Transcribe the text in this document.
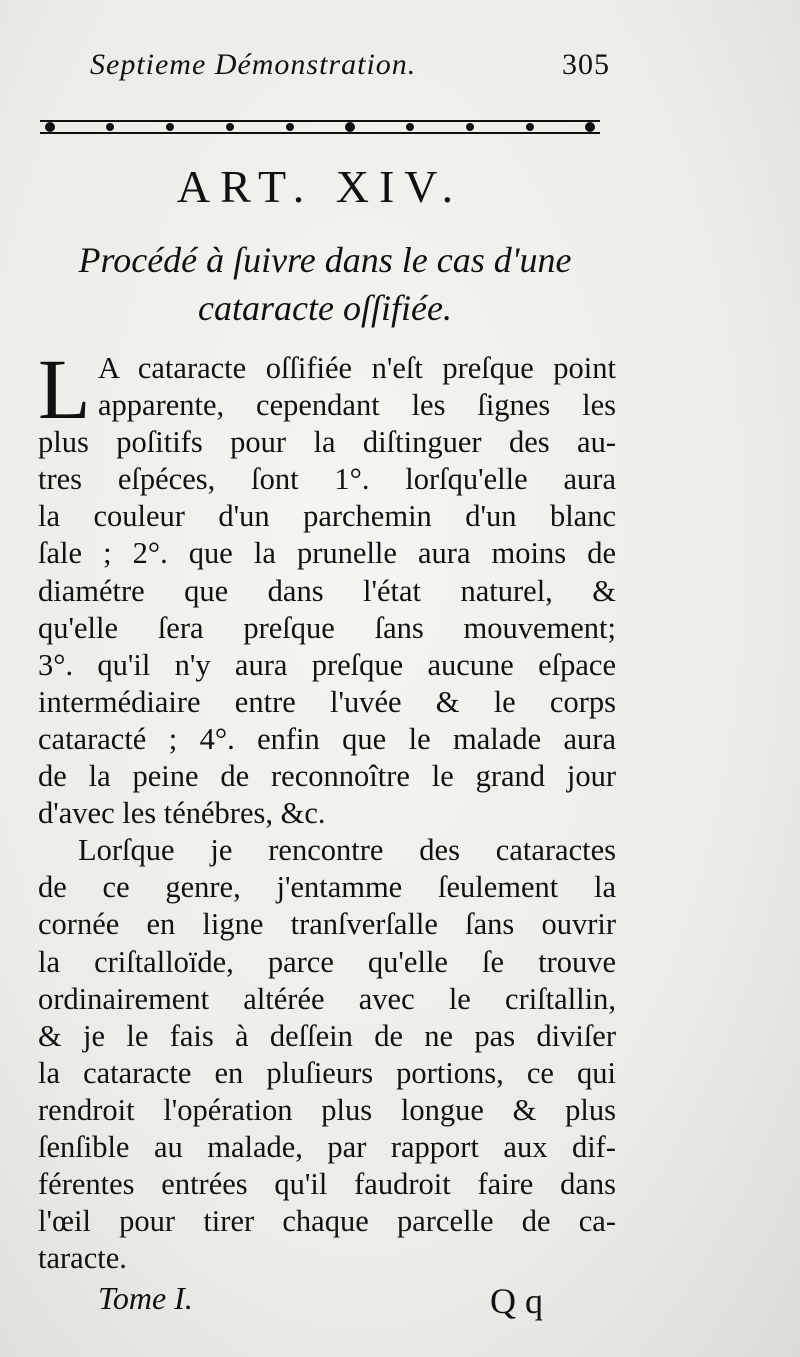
Septieme Démonstration.	305
ART. XIV.
Procédé à ſuivre dans le cas d'une
cataracte oſſifiée.
L A cataracte oſſifiée n'eſt preſque point
apparente, cependant les ſignes les
plus poſitifs pour la diſtinguer des au-
tres eſpéces, ſont 1°. lorſqu'elle aura
la couleur d'un parchemin d'un blanc
ſale ; 2°. que la prunelle aura moins de
diamétre que dans l'état naturel, &
qu'elle ſera preſque ſans mouvement;
3°. qu'il n'y aura preſque aucune eſpace
intermédiaire entre l'uvée & le corps
cataracté ; 4°. enfin que le malade aura
de la peine de reconnoître le grand jour
d'avec les ténébres, &c.
Lorſque je rencontre des cataractes
de ce genre, j'entamme ſeulement la
cornée en ligne tranſverſalle ſans ouvrir
la criſtalloïde, parce qu'elle ſe trouve
ordinairement altérée avec le criſtallin,
& je le fais à deſſein de ne pas diviſer
la cataracte en pluſieurs portions, ce qui
rendroit l'opération plus longue & plus
ſenſible au malade, par rapport aux dif-
férentes entrées qu'il faudroit faire dans
l'œil pour tirer chaque parcelle de ca-
taracte.
Tome I.	Q q
